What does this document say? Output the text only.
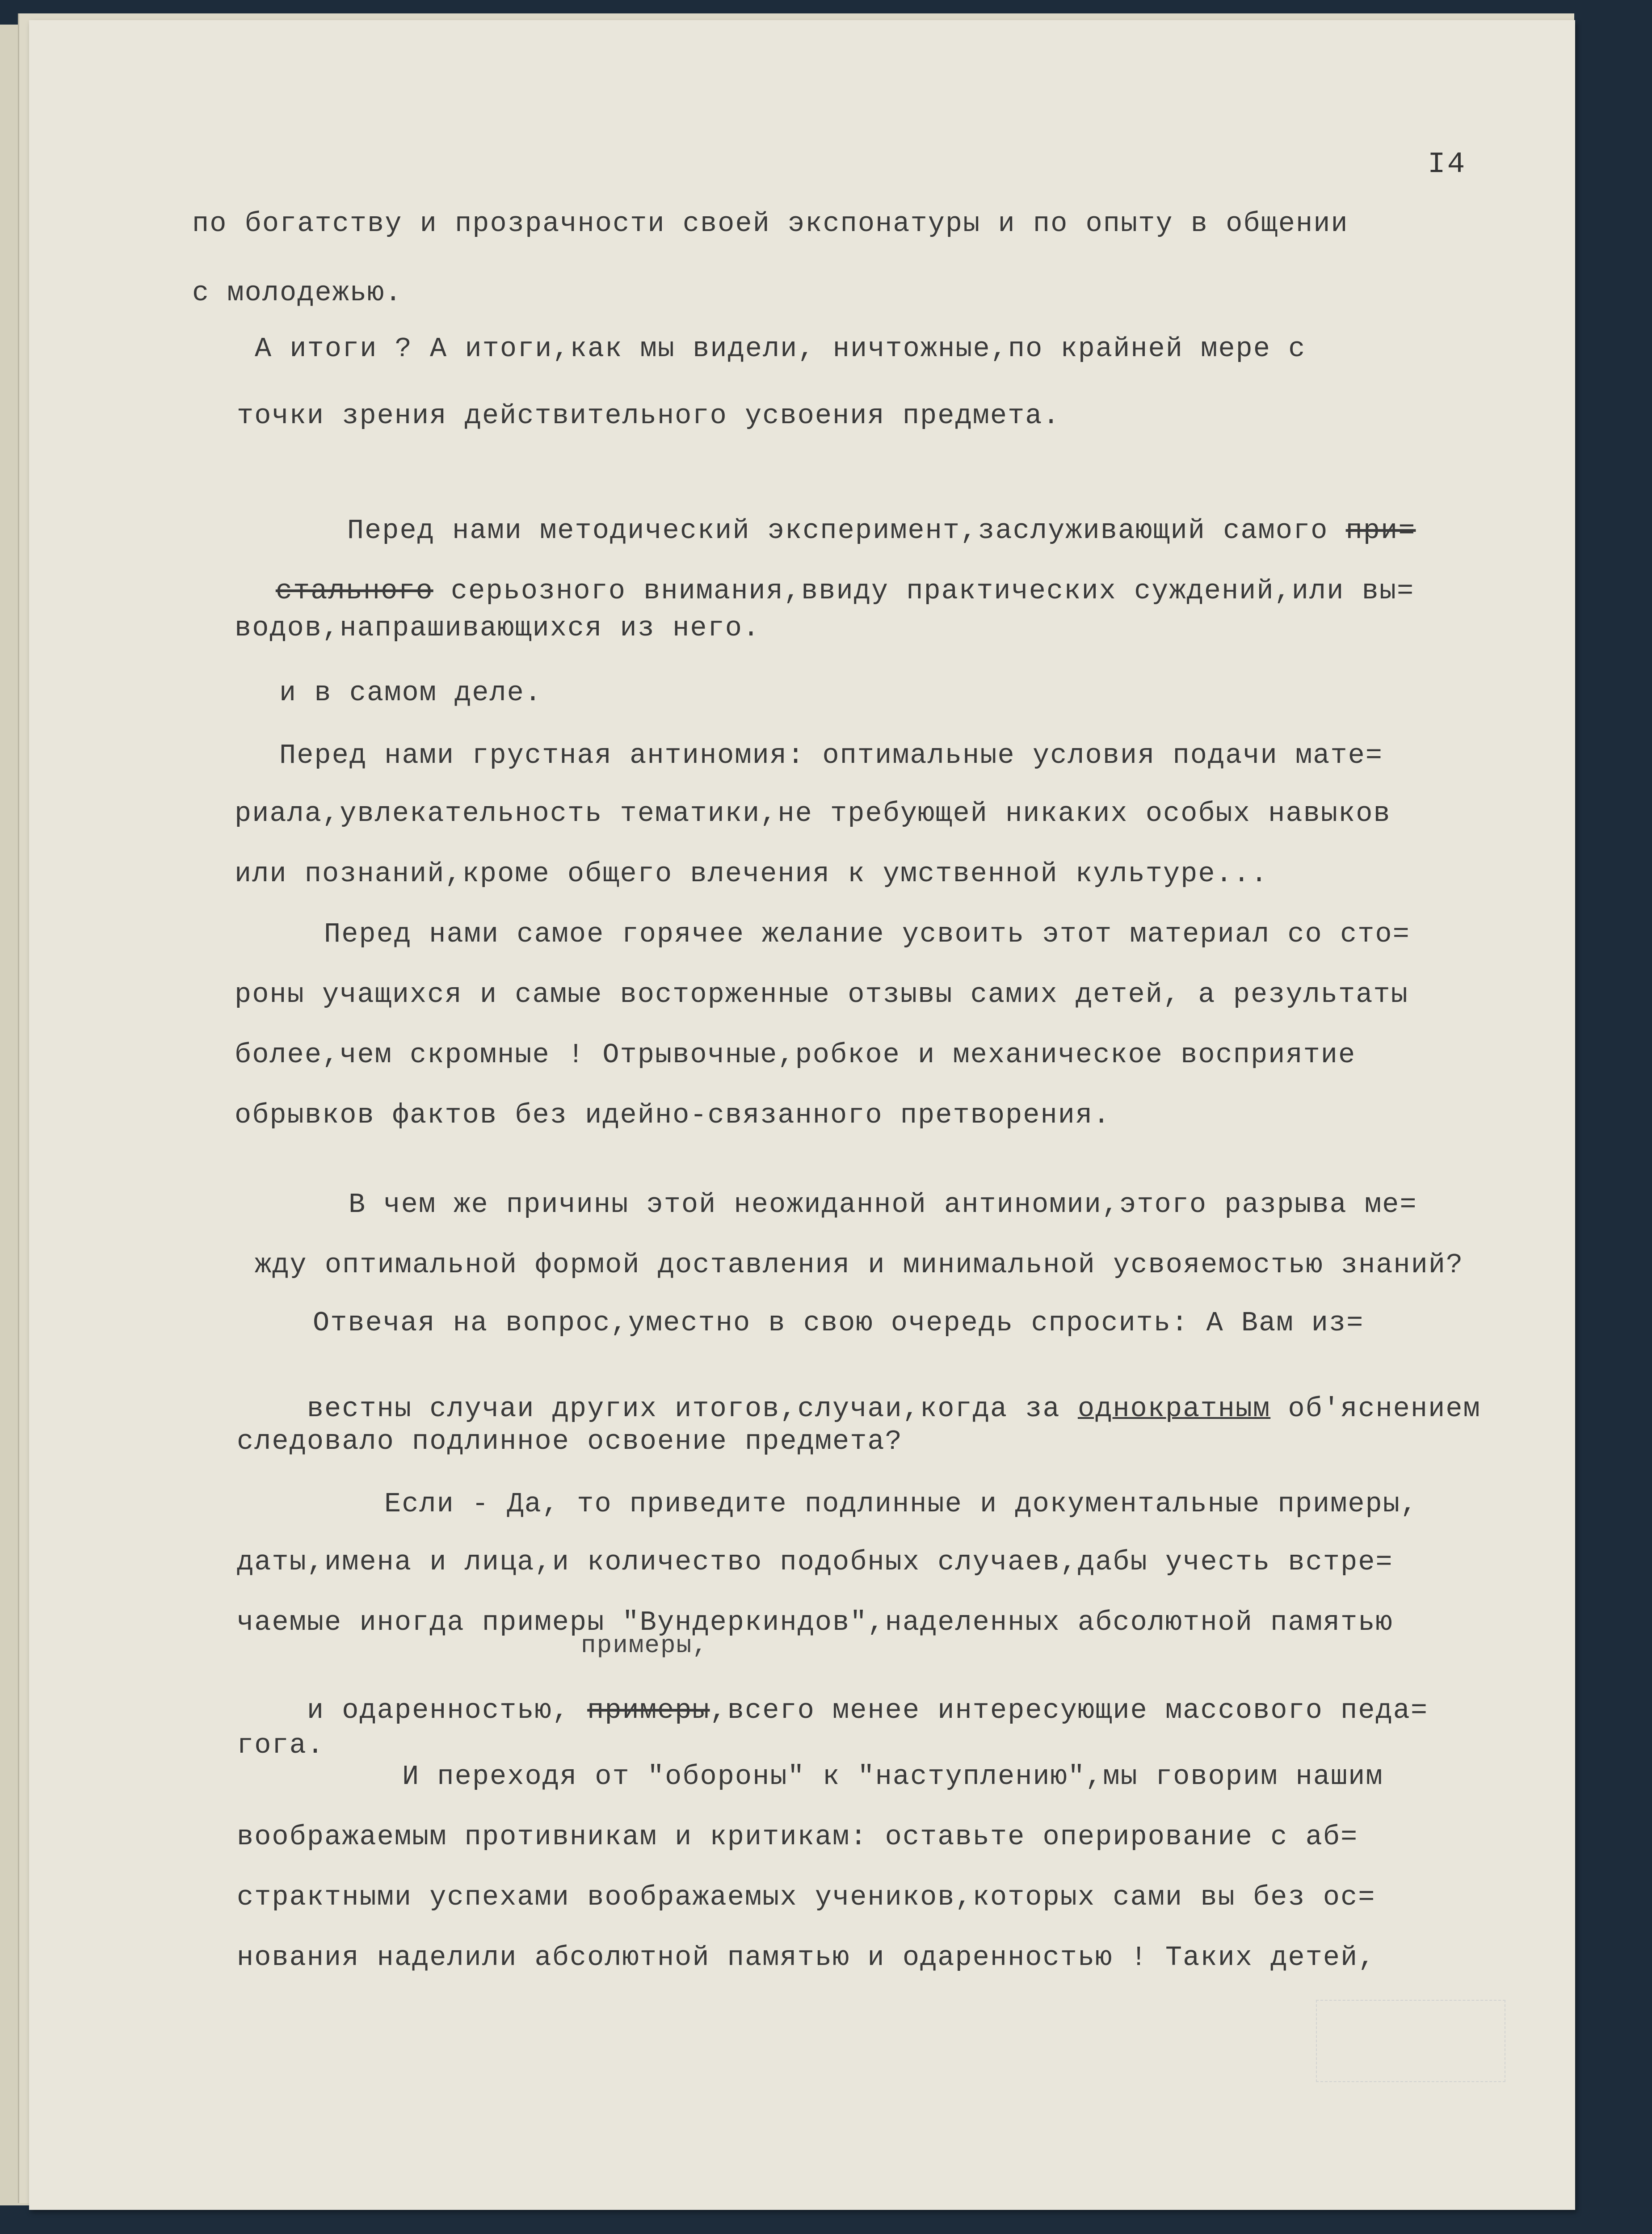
I4
по богатству и прозрачности своей экспонатуры и по опыту в общении
с молодежью.
А итоги ? А итоги,как мы видели, ничтожные,по крайней мере с
точки зрения действительного усвоения предмета.

Перед нами методический эксперимент,заслуживающий самого при=

стального серьозного внимания,ввиду практических суждений,или вы=

водов,напрашивающихся из него.
и в самом деле.
Перед нами грустная антиномия: оптимальные условия подачи мате=
риала,увлекательность тематики,не требующей никаких особых навыков
или познаний,кроме общего влечения к умственной культуре...
Перед нами самое горячее желание усвоить этот материал со сто=
роны учащихся и самые восторженные отзывы самих детей, а результаты
более,чем скромные ! Отрывочные,робкое и механическое восприятие
обрывков фактов без идейно-связанного претворения.
В чем же причины этой неожиданной антиномии,этого разрыва ме=
жду оптимальной формой доставления и минимальной усвояемостью знаний?
Отвечая на вопрос,уместно в свою очередь спросить: А Вам из=

вестны случаи других итогов,случаи,когда за однократным об'яснением

следовало подлинное освоение предмета?
Если - Да, то приведите подлинные и документальные примеры,
даты,имена и лица,и количество подобных случаев,дабы учесть встре=
чаемые иногда примеры "Вундеркиндов",наделенных абсолютной памятью
примеры,

и одаренностью, примеры,всего менее интересующие массового педа=

гога.
И переходя от "обороны" к "наступлению",мы говорим нашим
воображаемым противникам и критикам: оставьте оперирование с аб=
страктными успехами воображаемых учеников,которых сами вы без ос=
нования наделили абсолютной памятью и одаренностью ! Таких детей,
